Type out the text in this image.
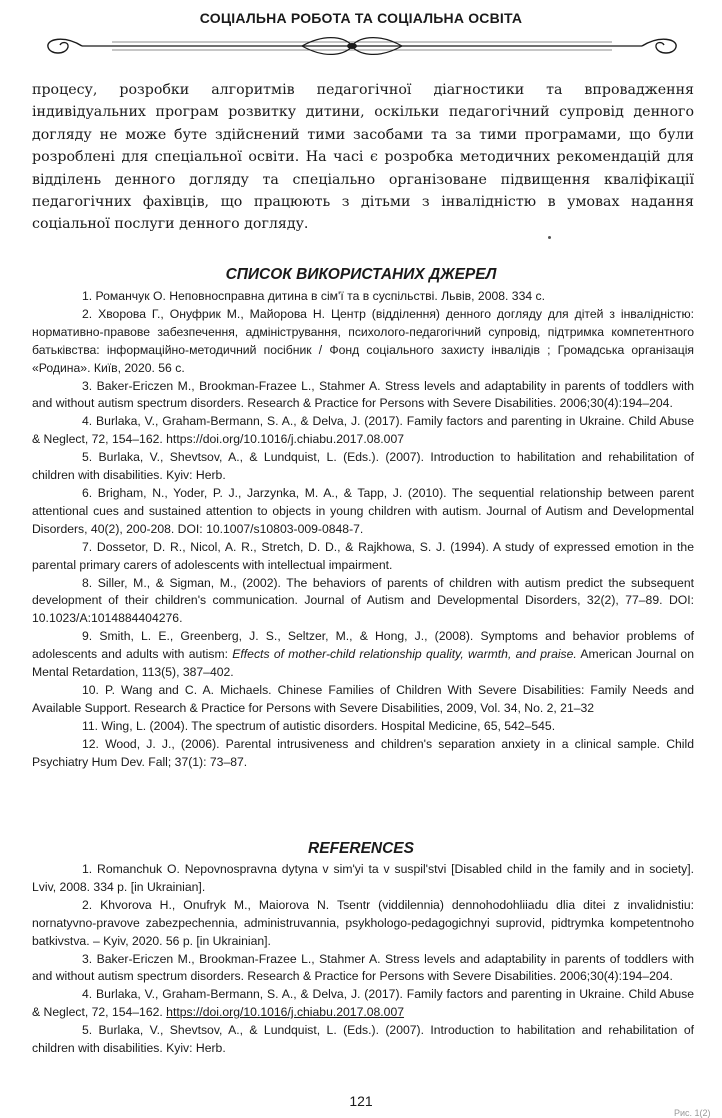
СОЦІАЛЬНА РОБОТА ТА СОЦІАЛЬНА ОСВІТА

процесу, розробки алгоритмів педагогічної діагностики та впровадження індивідуальних програм розвитку дитини, оскільки педагогічний супровід денного догляду не може буте здійснений тими засобами та за тими програмами, що були розроблені для спеціальної освіти. На часі є розробка методичних рекомендацій для відділень денного догляду та спеціально організоване підвищення кваліфікації педагогічних фахівців, що працюють з дітьми з інвалідністю в умовах надання соціальної послуги денного догляду.

СПИСОК ВИКОРИСТАНИХ ДЖЕРЕЛ

1. Романчук О. Неповносправна дитина в сім'ї та в суспільстві. Львів, 2008. 334 с.

2. Хворова Г., Онуфрик М., Майорова Н. Центр (відділення) денного догляду для дітей з інвалідністю: нормативно-правове забезпечення, адміністрування, психолого-педагогічний супровід, підтримка компетентного батьківства: інформаційно-методичний посібник / Фонд соціального захисту інвалідів ; Громадська організація «Родина». Київ, 2020. 56 с.

3. Baker-Ericzen M., Brookman-Frazee L., Stahmer A. Stress levels and adaptability in parents of toddlers with and without autism spectrum disorders. Research & Practice for Persons with Severe Disabilities. 2006;30(4):194–204.

4. Burlaka, V., Graham-Bermann, S. A., & Delva, J. (2017). Family factors and parenting in Ukraine. Child Abuse & Neglect, 72, 154–162. https://doi.org/10.1016/j.chiabu.2017.08.007

5. Burlaka, V., Shevtsov, A., & Lundquist, L. (Eds.). (2007). Introduction to habilitation and rehabilitation of children with disabilities. Kyiv: Herb.

6. Brigham, N., Yoder, P. J., Jarzynka, M. A., & Tapp, J. (2010). The sequential relationship between parent attentional cues and sustained attention to objects in young children with autism. Journal of Autism and Developmental Disorders, 40(2), 200-208. DOI: 10.1007/s10803-009-0848-7.

7. Dossetor, D. R., Nicol, A. R., Stretch, D. D., & Rajkhowa, S. J. (1994). A study of expressed emotion in the parental primary carers of adolescents with intellectual impairment.

8. Siller, M., & Sigman, M., (2002). The behaviors of parents of children with autism predict the subsequent development of their children's communication. Journal of Autism and Developmental Disorders, 32(2), 77–89. DOI: 10.1023/A:1014884404276.

9. Smith, L. E., Greenberg, J. S., Seltzer, M., & Hong, J., (2008). Symptoms and behavior problems of adolescents and adults with autism: Effects of mother-child relationship quality, warmth, and praise. American Journal on Mental Retardation, 113(5), 387–402.

10. P. Wang and C. A. Michaels. Chinese Families of Children With Severe Disabilities: Family Needs and Available Support. Research & Practice for Persons with Severe Disabilities, 2009, Vol. 34, No. 2, 21–32

11. Wing, L. (2004). The spectrum of autistic disorders. Hospital Medicine, 65, 542–545.

12. Wood, J. J., (2006). Parental intrusiveness and children's separation anxiety in a clinical sample. Child Psychiatry Hum Dev. Fall; 37(1): 73–87.

REFERENCES

1. Romanchuk O. Nepovnospravna dytyna v sim'yi ta v suspil'stvi [Disabled child in the family and in society]. Lviv, 2008. 334 p. [in Ukrainian].

2. Khvorova H., Onufryk M., Maiorova N. Tsentr (viddilennia) dennohodohliiadu dlia ditei z invalidnistiu: nornatyvno-pravove zabezpechennia, administruvannia, psykhologo-pedagogichnyi suprovid, pidtrymka kompetentnoho batkivstva. – Kyiv, 2020. 56 p. [in Ukrainian].

3. Baker-Ericzen M., Brookman-Frazee L., Stahmer A. Stress levels and adaptability in parents of toddlers with and without autism spectrum disorders. Research & Practice for Persons with Severe Disabilities. 2006;30(4):194–204.

4. Burlaka, V., Graham-Bermann, S. A., & Delva, J. (2017). Family factors and parenting in Ukraine. Child Abuse & Neglect, 72, 154–162. https://doi.org/10.1016/j.chiabu.2017.08.007

5. Burlaka, V., Shevtsov, A., & Lundquist, L. (Eds.). (2007). Introduction to habilitation and rehabilitation of children with disabilities. Kyiv: Herb.

121
Рис. 1(2)
